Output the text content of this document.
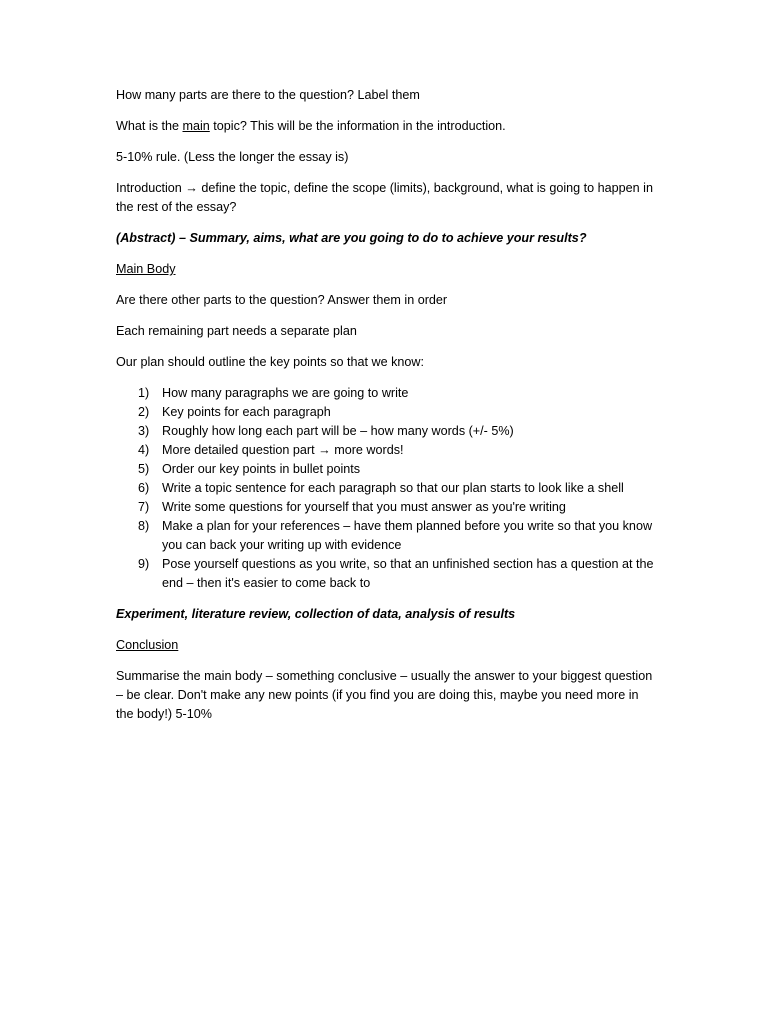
How many parts are there to the question? Label them

What is the main topic? This will be the information in the introduction.

5-10% rule. (Less the longer the essay is)

Introduction → define the topic, define the scope (limits), background, what is going to happen in the rest of the essay?

(Abstract) – Summary, aims, what are you going to do to achieve your results?

Main Body

Are there other parts to the question? Answer them in order

Each remaining part needs a separate plan

Our plan should outline the key points so that we know:

1) How many paragraphs we are going to write
2) Key points for each paragraph
3) Roughly how long each part will be – how many words (+/- 5%)
4) More detailed question part → more words!
5) Order our key points in bullet points
6) Write a topic sentence for each paragraph so that our plan starts to look like a shell
7) Write some questions for yourself that you must answer as you're writing
8) Make a plan for your references – have them planned before you write so that you know you can back your writing up with evidence
9) Pose yourself questions as you write, so that an unfinished section has a question at the end – then it's easier to come back to

Experiment, literature review, collection of data, analysis of results

Conclusion

Summarise the main body – something conclusive – usually the answer to your biggest question – be clear. Don't make any new points (if you find you are doing this, maybe you need more in the body!) 5-10%
